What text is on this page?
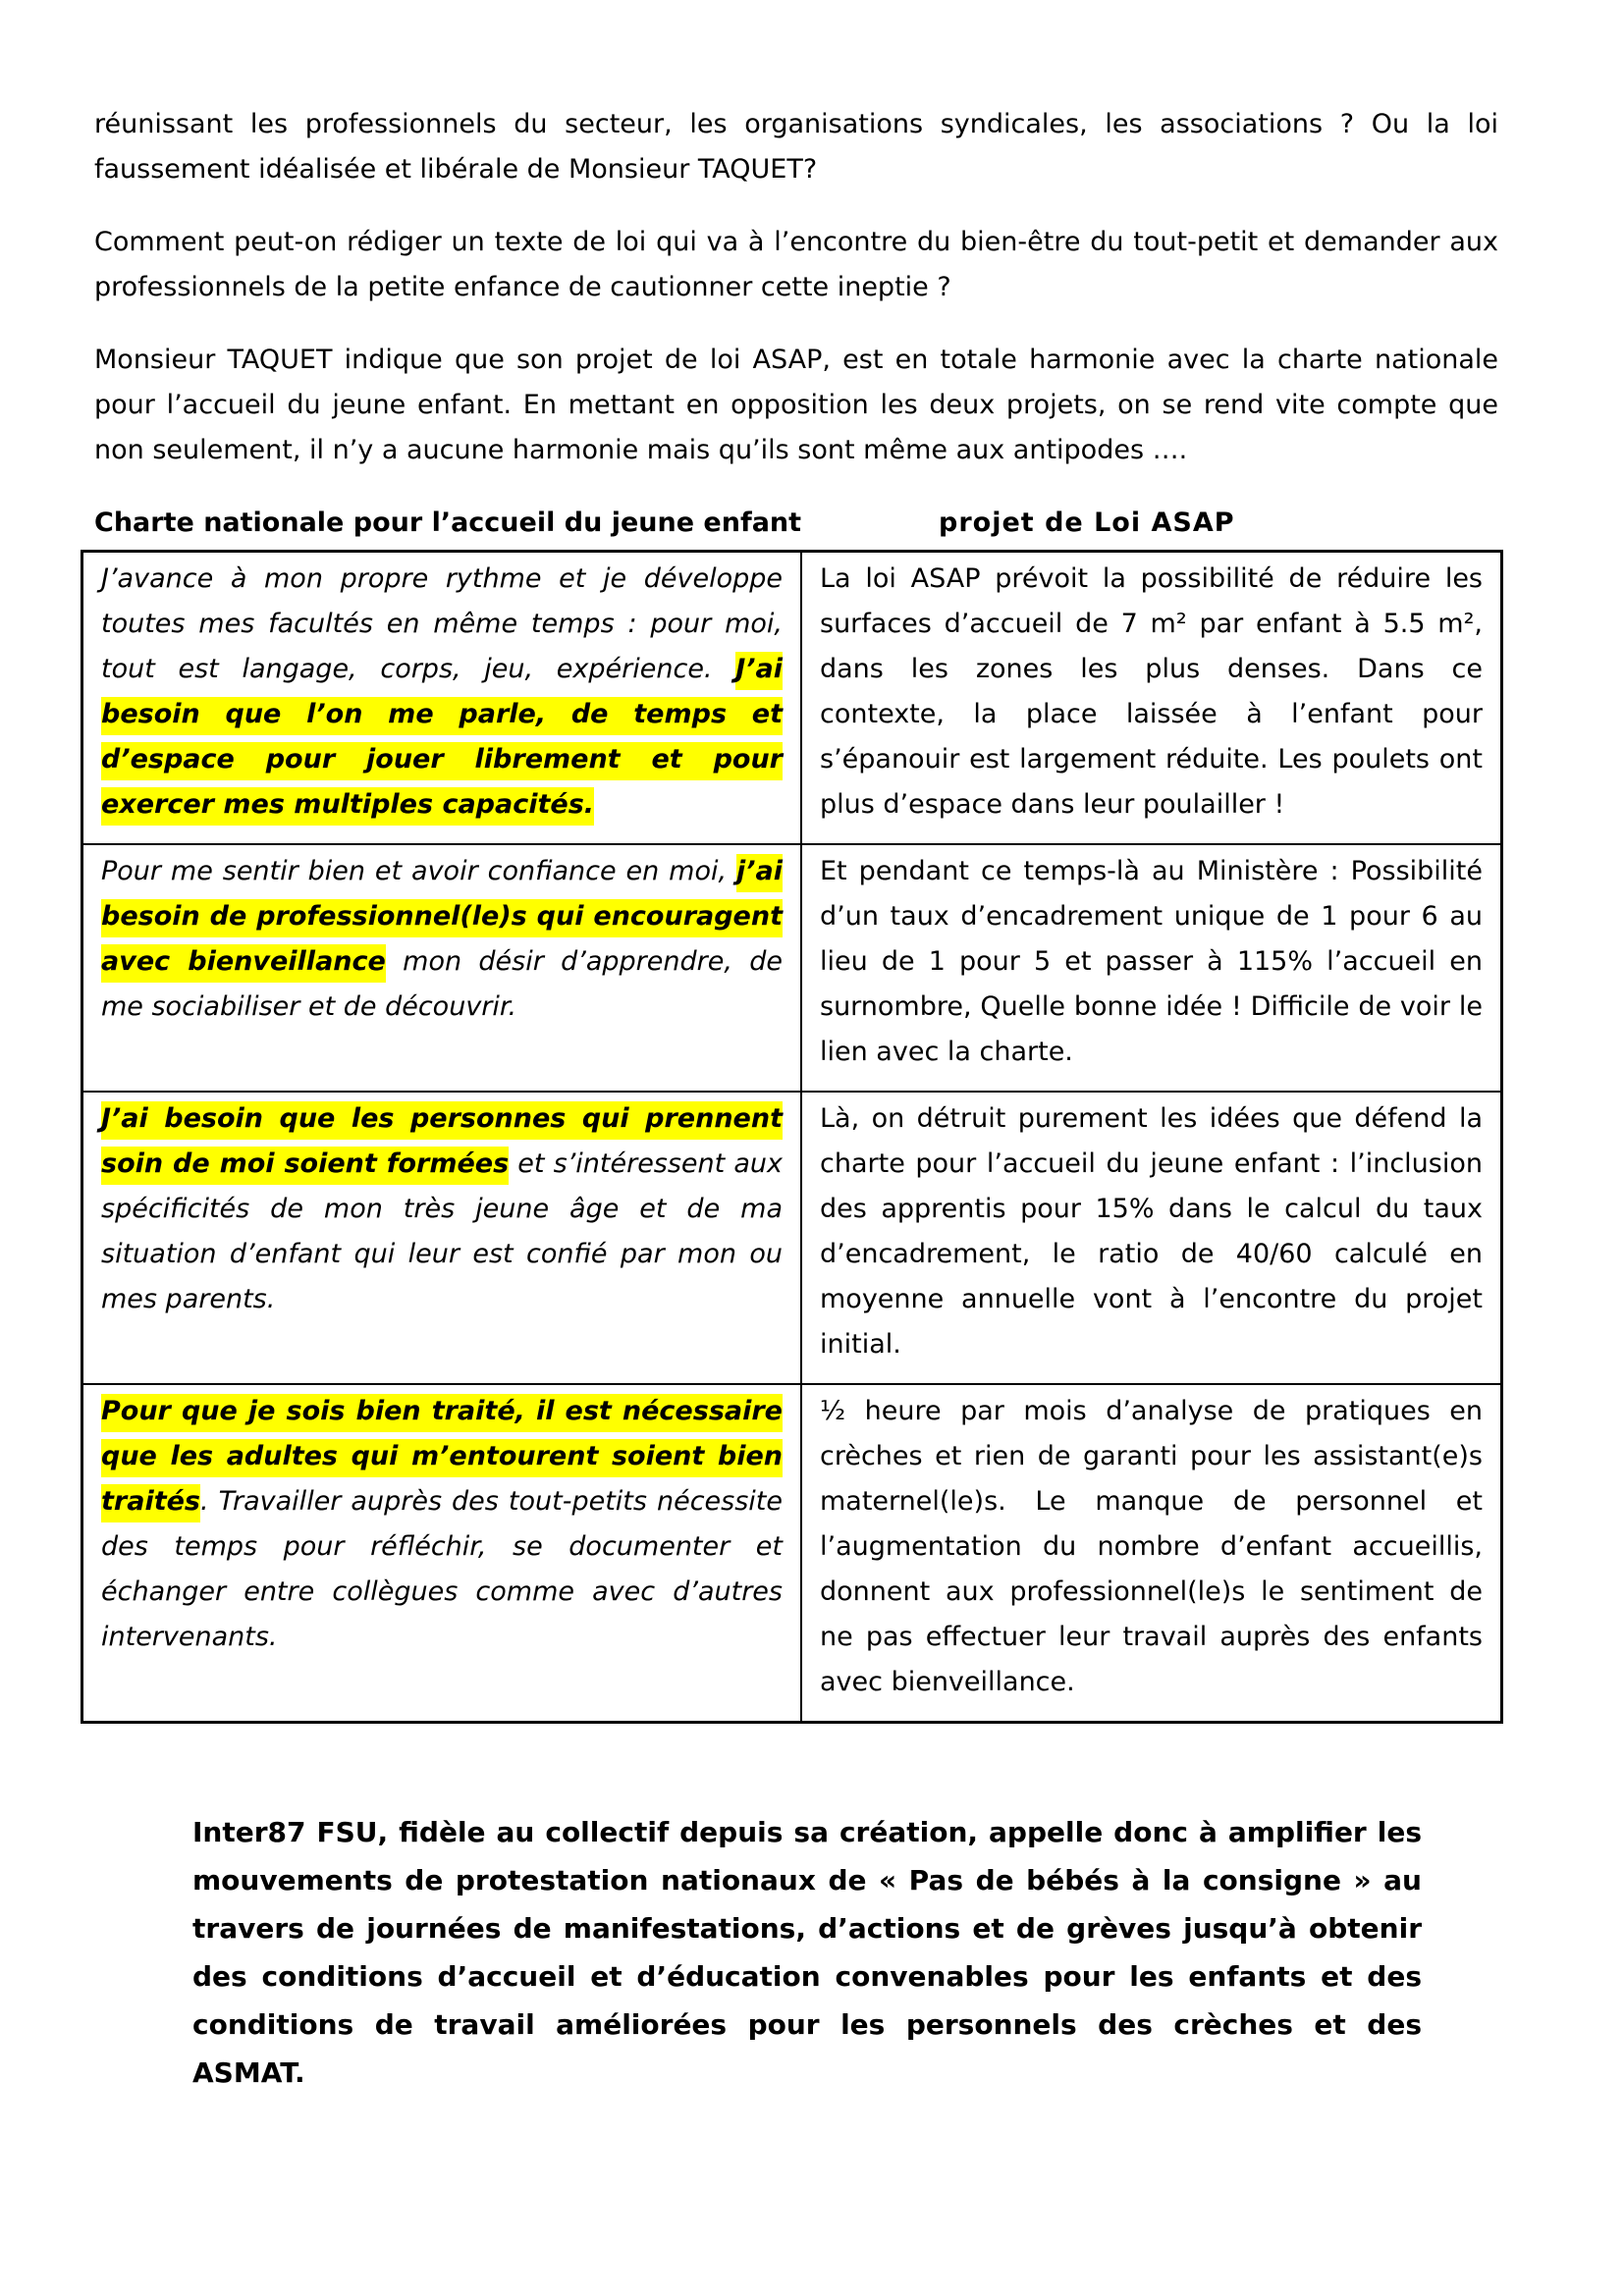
réunissant les professionnels du secteur, les organisations syndicales, les associations ? Ou la loi faussement idéalisée et libérale de Monsieur TAQUET?

Comment peut-on rédiger un texte de loi qui va à l’encontre du bien-être du tout-petit et demander aux professionnels de la petite enfance de cautionner cette ineptie ?

Monsieur TAQUET indique que son projet de loi ASAP, est en totale harmonie avec la charte nationale pour l’accueil du jeune enfant. En mettant en opposition les deux projets, on se rend vite compte que non seulement, il n’y a aucune harmonie mais qu’ils sont même aux antipodes ….

Charte nationale pour l’accueil du jeune enfant	projet de Loi ASAP
J’avance à mon propre rythme et je développe toutes mes facultés en même temps : pour moi, tout est langage, corps, jeu, expérience. J’ai besoin que l’on me parle, de temps et d’espace pour jouer librement et pour exercer mes multiples capacités.	La loi ASAP prévoit la possibilité de réduire les surfaces d’accueil de 7 m² par enfant à 5.5 m², dans les zones les plus denses. Dans ce contexte, la place laissée à l’enfant pour s’épanouir est largement réduite. Les poulets ont plus d’espace dans leur poulailler !
Pour me sentir bien et avoir confiance en moi, j’ai besoin de professionnel(le)s qui encouragent avec bienveillance mon désir d’apprendre, de me sociabiliser et de découvrir.	Et pendant ce temps-là au Ministère : Possibilité d’un taux d’encadrement unique de 1 pour 6 au lieu de 1 pour 5 et passer à 115% l’accueil en surnombre, Quelle bonne idée ! Difficile de voir le lien avec la charte.
J’ai besoin que les personnes qui prennent soin de moi soient formées et s’intéressent aux spécificités de mon très jeune âge et de ma situation d’enfant qui leur est confié par mon ou mes parents.	Là, on détruit purement les idées que défend la charte pour l’accueil du jeune enfant : l’inclusion des apprentis pour 15% dans le calcul du taux d’encadrement, le ratio de 40/60 calculé en moyenne annuelle vont à l’encontre du projet initial.
Pour que je sois bien traité, il est nécessaire que les adultes qui m’entourent soient bien traités. Travailler auprès des tout-petits nécessite des temps pour réfléchir, se documenter et échanger entre collègues comme avec d’autres intervenants.	½ heure par mois d’analyse de pratiques en crèches et rien de garanti pour les assistant(e)s maternel(le)s. Le manque de personnel et l’augmentation du nombre d’enfant accueillis, donnent aux professionnel(le)s le sentiment de ne pas effectuer leur travail auprès des enfants avec bienveillance.

Inter87 FSU, fidèle au collectif depuis sa création, appelle donc à amplifier les mouvements de protestation nationaux de « Pas de bébés à la consigne » au travers de journées de manifestations, d’actions et de grèves jusqu’à obtenir des conditions d’accueil et d’éducation convenables pour les enfants et des conditions de travail améliorées pour les personnels des crèches et des ASMAT.
